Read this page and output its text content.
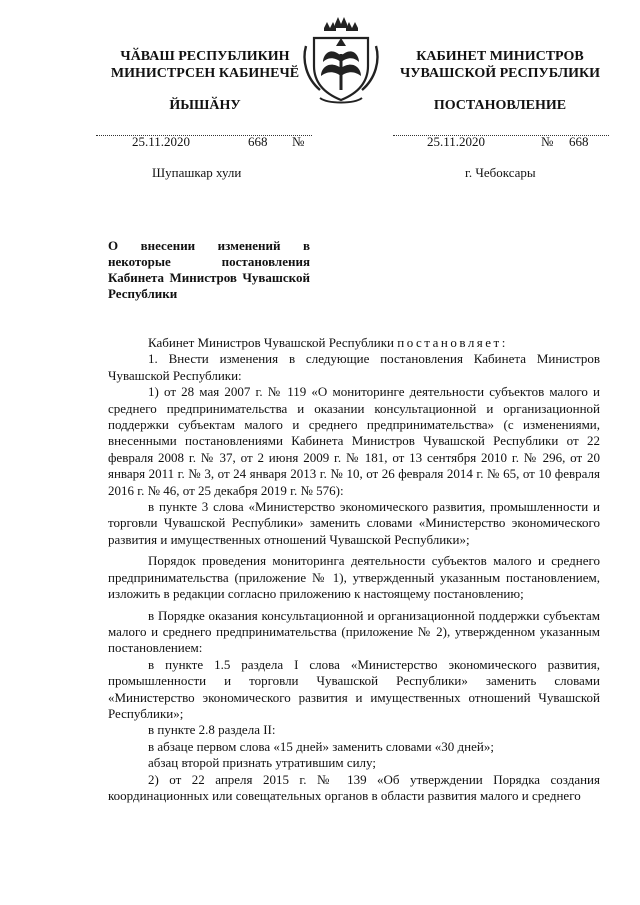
ЧӐВАШ РЕСПУБЛИКИН
МИНИСТРСЕН КАБИНЕЧӖ
ЙЫШӐНУ
КАБИНЕТ МИНИСТРОВ
ЧУВАШСКОЙ РЕСПУБЛИКИ
ПОСТАНОВЛЕНИЕ
25.11.2020	668 №	25.11.2020	№ 668
Шупашкар хули	г. Чебоксары
О внесении изменений в некоторые постановления Кабинета Министров Чувашской Республики

Кабинет Министров Чувашской Республики постановляет:

1. Внести изменения в следующие постановления Кабинета Министров Чувашской Республики:

1) от 28 мая 2007 г. № 119 «О мониторинге деятельности субъектов малого и среднего предпринимательства и оказании консультационной и организационной поддержки субъектам малого и среднего предпринимательства» (с изменениями, внесенными постановлениями Кабинета Министров Чувашской Республики от 22 февраля 2008 г. № 37, от 2 июня 2009 г. № 181, от 13 сентября 2010 г. № 296, от 20 января 2011 г. № 3, от 24 января 2013 г. № 10, от 26 февраля 2014 г. № 65, от 10 февраля 2016 г. № 46, от 25 декабря 2019 г. № 576):

в пункте 3 слова «Министерство экономического развития, промышленности и торговли Чувашской Республики» заменить словами «Министерство экономического развития и имущественных отношений Чувашской Республики»;

Порядок проведения мониторинга деятельности субъектов малого и среднего предпринимательства (приложение № 1), утвержденный указанным постановлением, изложить в редакции согласно приложению к настоящему постановлению;

в Порядке оказания консультационной и организационной поддержки субъектам малого и среднего предпринимательства (приложение № 2), утвержденном указанным постановлением:

в пункте 1.5 раздела I слова «Министерство экономического развития, промышленности и торговли Чувашской Республики» заменить словами «Министерство экономического развития и имущественных отношений Чувашской Республики»;

в пункте 2.8 раздела II:

в абзаце первом слова «15 дней» заменить словами «30 дней»;

абзац второй признать утратившим силу;

2) от 22 апреля 2015 г. № 139 «Об утверждении Порядка создания координационных или совещательных органов в области развития малого и среднего
